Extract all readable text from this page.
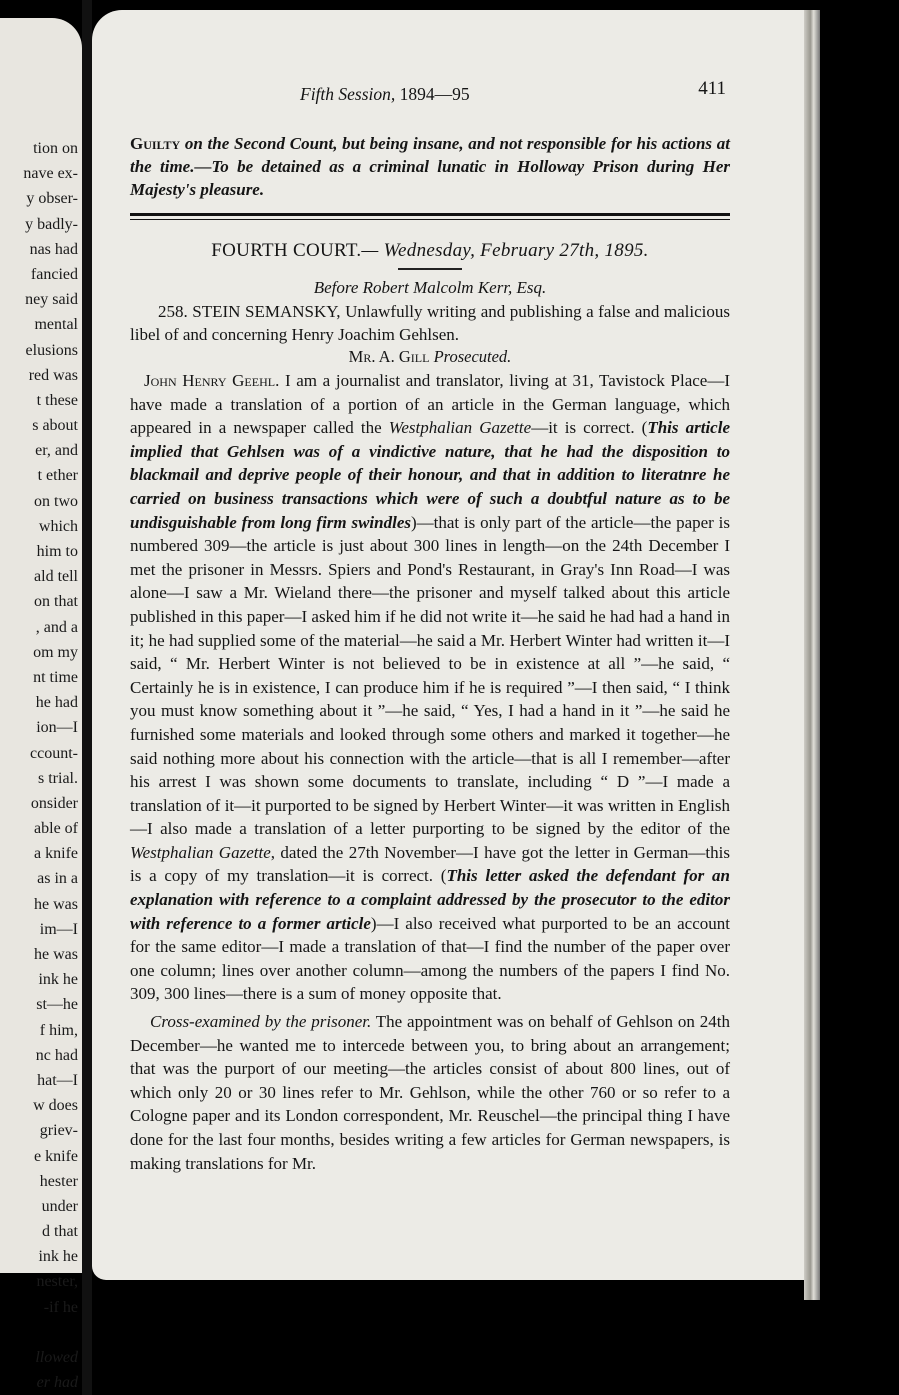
tion on
nave ex-
y obser-
y badly-
nas had
fancied
ney said
mental
elusions
red was
t these
s about
er, and
t ether
on two
which
him to
ald tell
on that
, and a
om my
nt time
he had
ion—I
ccount-
s trial.
onsider
able of
a knife
as in a
he was
im—I
he was
ink he
st—he
f him,
nc had
hat—I
w does
griev-
e knife
hester
under
d that
ink he
nester,
-if he
llowed
er had
Fifth Session, 1894—95	411
Guilty on the Second Count, but being insane, and not responsible for his actions at the time.—To be detained as a criminal lunatic in Holloway Prison during Her Majesty's pleasure.
FOURTH COURT.— Wednesday, February 27th, 1895.
Before Robert Malcolm Kerr, Esq.
258. STEIN SEMANSKY, Unlawfully writing and publishing a false and malicious libel of and concerning Henry Joachim Gehlsen.
Mr. A. Gill Prosecuted.

John Henry Geehl. I am a journalist and translator, living at 31, Tavistock Place—I have made a translation of a portion of an article in the German language, which appeared in a newspaper called the Westphalian Gazette—it is correct. (This article implied that Gehlsen was of a vindictive nature, that he had the disposition to blackmail and deprive people of their honour, and that in addition to literatnre he carried on business transactions which were of such a doubtful nature as to be undisguishable from long firm swindles)—that is only part of the article—the paper is numbered 309—the article is just about 300 lines in length—on the 24th December I met the prisoner in Messrs. Spiers and Pond's Restaurant, in Gray's Inn Road—I was alone—I saw a Mr. Wieland there—the prisoner and myself talked about this article published in this paper—I asked him if he did not write it—he said he had had a hand in it; he had supplied some of the material—he said a Mr. Herbert Winter had written it—I said, “ Mr. Herbert Winter is not believed to be in existence at all ”—he said, “ Certainly he is in existence, I can produce him if he is required ”—I then said, “ I think you must know something about it ”—he said, “ Yes, I had a hand in it ”—he said he furnished some materials and looked through some others and marked it together—he said nothing more about his connection with the article—that is all I remember—after his arrest I was shown some documents to translate, including “ D ”—I made a translation of it—it purported to be signed by Herbert Winter—it was written in English—I also made a translation of a letter purporting to be signed by the editor of the Westphalian Gazette, dated the 27th November—I have got the letter in German—this is a copy of my translation—it is correct. (This letter asked the defendant for an explanation with reference to a complaint addressed by the prosecutor to the editor with reference to a former article)—I also received what purported to be an account for the same editor—I made a translation of that—I find the number of the paper over one column; lines over another column—among the numbers of the papers I find No. 309, 300 lines—there is a sum of money opposite that.

Cross-examined by the prisoner. The appointment was on behalf of Gehlson on 24th December—he wanted me to intercede between you, to bring about an arrangement; that was the purport of our meeting—the articles consist of about 800 lines, out of which only 20 or 30 lines refer to Mr. Gehlson, while the other 760 or so refer to a Cologne paper and its London correspondent, Mr. Reuschel—the principal thing I have done for the last four months, besides writing a few articles for German newspapers, is making translations for Mr.
